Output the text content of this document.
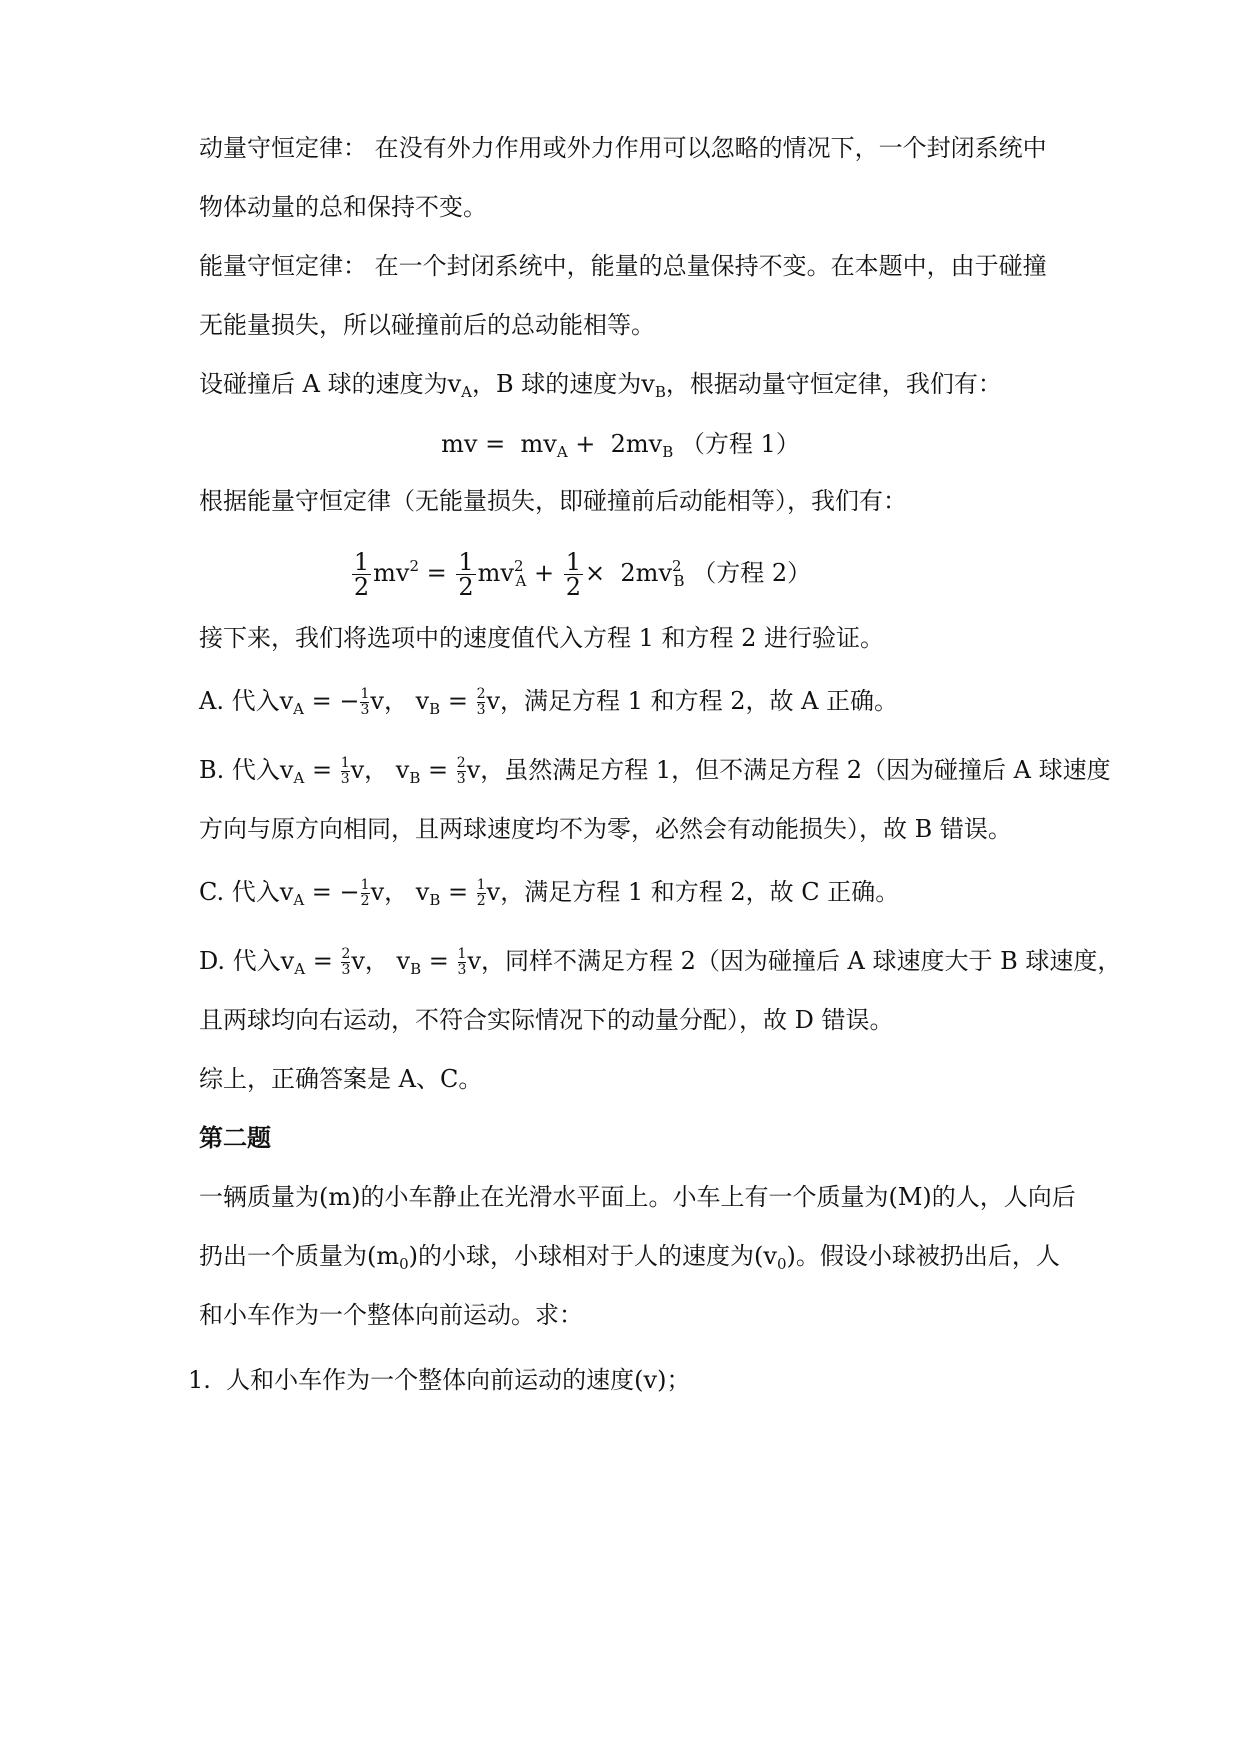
动量守恒定律： 在没有外力作用或外力作用可以忽略的情况下，一个封闭系统中
物体动量的总和保持不变。
能量守恒定律： 在一个封闭系统中，能量的总量保持不变。在本题中，由于碰撞
无能量损失，所以碰撞前后的总动能相等。
设碰撞后 A 球的速度为$v_A$，B 球的速度为$v_B$，根据动量守恒定律，我们有：
mv =  $mv_A + 2mv_B$ （方程 1）
根据能量守恒定律（无能量损失，即碰撞前后动能相等），我们有：
$\frac{1}{2} mv^2 = \frac{1}{2} mv^2_A + \frac{1}{2} \times 2mv^2_B$ （方程 2）
接下来，我们将选项中的速度值代入方程 1 和方程 2 进行验证。
A. 代入$v_A$ = − $\frac{1}{3}$ v， $v_B = \frac{2}{3}$ v，满足方程 1 和方程 2，故 A 正确。
B. 代入$v_A = \frac{1}{3}$ v， $v_B = \frac{2}{3}$ v，虽然满足方程 1，但不满足方程 2（因为碰撞后 A 球速度
方向与原方向相同，且两球速度均不为零，必然会有动能损失），故 B 错误。
C. 代入$v_A$ = − $\frac{1}{2}$ v， $v_B = \frac{1}{2}$ v，满足方程 1 和方程 2，故 C 正确。
D. 代入$v_A = \frac{2}{3}$ v， $v_B = \frac{1}{3}$ v，同样不满足方程 2（因为碰撞后 A 球速度大于 B 球速度，
且两球均向右运动，不符合实际情况下的动量分配），故 D 错误。
综上，正确答案是 A、C。
第二题
一辆质量为(m)的小车静止在光滑水平面上。小车上有一个质量为(M)的人，人向后
扔出一个质量为$(m_0)$的小球，小球相对于人的速度为$(v_0)$。假设小球被扔出后，人
和小车作为一个整体向前运动。求：
1. 人和小车作为一个整体向前运动的速度(v)；
